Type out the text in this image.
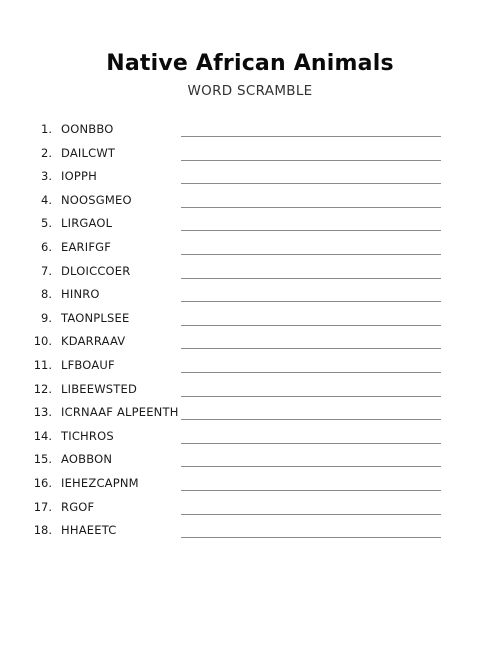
Native African Animals
WORD SCRAMBLE
1. OONBBO
2. DAILCWT
3. IOPPH
4. NOOSGMEO
5. LIRGAOL
6. EARIFGF
7. DLOICCOER
8. HINRO
9. TAONPLSEE
10. KDARRAAV
11. LFBOAUF
12. LIBEEWSTED
13. ICRNAAF ALPEENTH
14. TICHROS
15. AOBBON
16. IEHEZCAPNM
17. RGOF
18. HHAEETC
